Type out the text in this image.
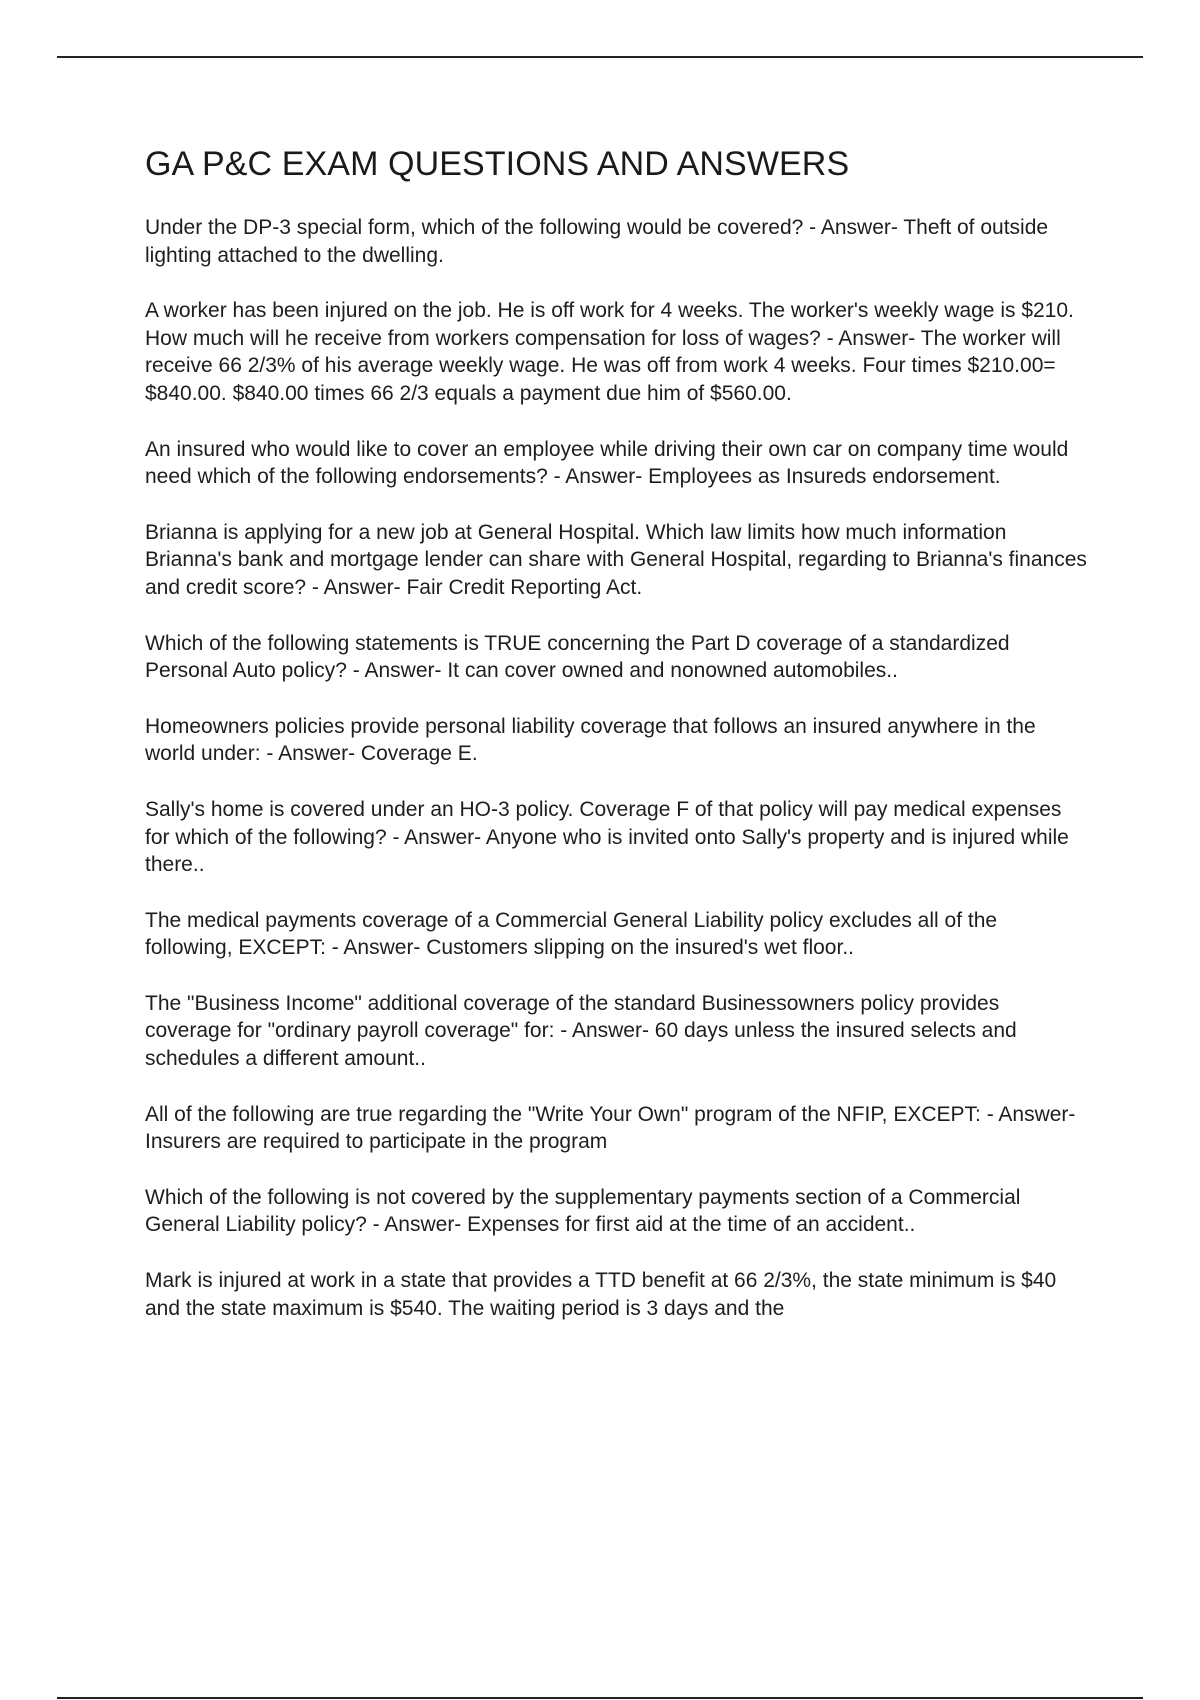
GA P&C EXAM QUESTIONS AND ANSWERS

Under the DP-3 special form, which of the following would be covered? - Answer- Theft of outside lighting attached to the dwelling.

A worker has been injured on the job. He is off work for 4 weeks. The worker's weekly wage is $210. How much will he receive from workers compensation for loss of wages? - Answer- The worker will receive 66 2/3% of his average weekly wage. He was off from work 4 weeks. Four times $210.00= $840.00. $840.00 times 66 2/3 equals a payment due him of $560.00.

An insured who would like to cover an employee while driving their own car on company time would need which of the following endorsements? - Answer- Employees as Insureds endorsement.

Brianna is applying for a new job at General Hospital. Which law limits how much information Brianna's bank and mortgage lender can share with General Hospital, regarding to Brianna's finances and credit score? - Answer- Fair Credit Reporting Act.

Which of the following statements is TRUE concerning the Part D coverage of a standardized Personal Auto policy? - Answer- It can cover owned and nonowned automobiles..

Homeowners policies provide personal liability coverage that follows an insured anywhere in the world under: - Answer- Coverage E.

Sally's home is covered under an HO-3 policy. Coverage F of that policy will pay medical expenses for which of the following? - Answer- Anyone who is invited onto Sally's property and is injured while there..

The medical payments coverage of a Commercial General Liability policy excludes all of the following, EXCEPT: - Answer- Customers slipping on the insured's wet floor..

The "Business Income" additional coverage of the standard Businessowners policy provides coverage for "ordinary payroll coverage" for: - Answer- 60 days unless the insured selects and schedules a different amount..

All of the following are true regarding the "Write Your Own" program of the NFIP, EXCEPT: - Answer- Insurers are required to participate in the program

Which of the following is not covered by the supplementary payments section of a Commercial General Liability policy? - Answer- Expenses for first aid at the time of an accident..

Mark is injured at work in a state that provides a TTD benefit at 66 2/3%, the state minimum is $40 and the state maximum is $540. The waiting period is 3 days and the
